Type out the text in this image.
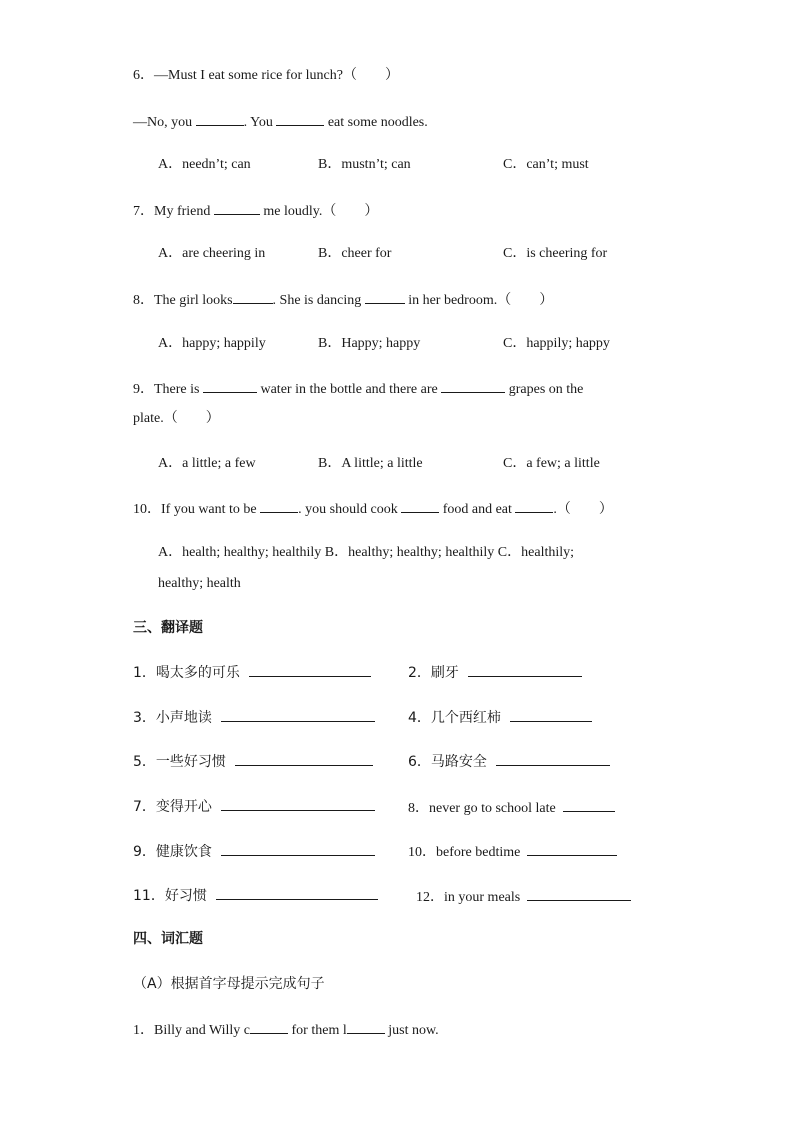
6．—Must I eat some rice for lunch?（　　）
—No, you	. You	eat some noodles.
A．needn’t; can	B．mustn’t; can	C．can’t; must
7．My friend	me loudly.（　　）
A．are cheering in	B．cheer for	C．is cheering for
8．The girl looks	. She is dancing	in her bedroom.（　　）
A．happy; happily	B．Happy; happy	C．happily; happy
9．There is	water in the bottle and there are	grapes on the
plate.（　　）
A．a little; a few	B．A little; a little	C．a few; a little
10．If you want to be	. you should cook	food and eat	.（　　）
A．health; healthy; healthily B．healthy; healthy; healthily C．healthily;
healthy; health
三、翻译题
1．喝太多的可乐	2．刷牙
3．小声地读	4．几个西红柿
5．一些好习惯	6．马路安全
7．变得开心	8．never go to school late
9．健康饮食	10．before bedtime
11．好习惯	12．in your meals
四、词汇题
（A）根据首字母提示完成句子
1．Billy and Willy c	for them l	just now.
